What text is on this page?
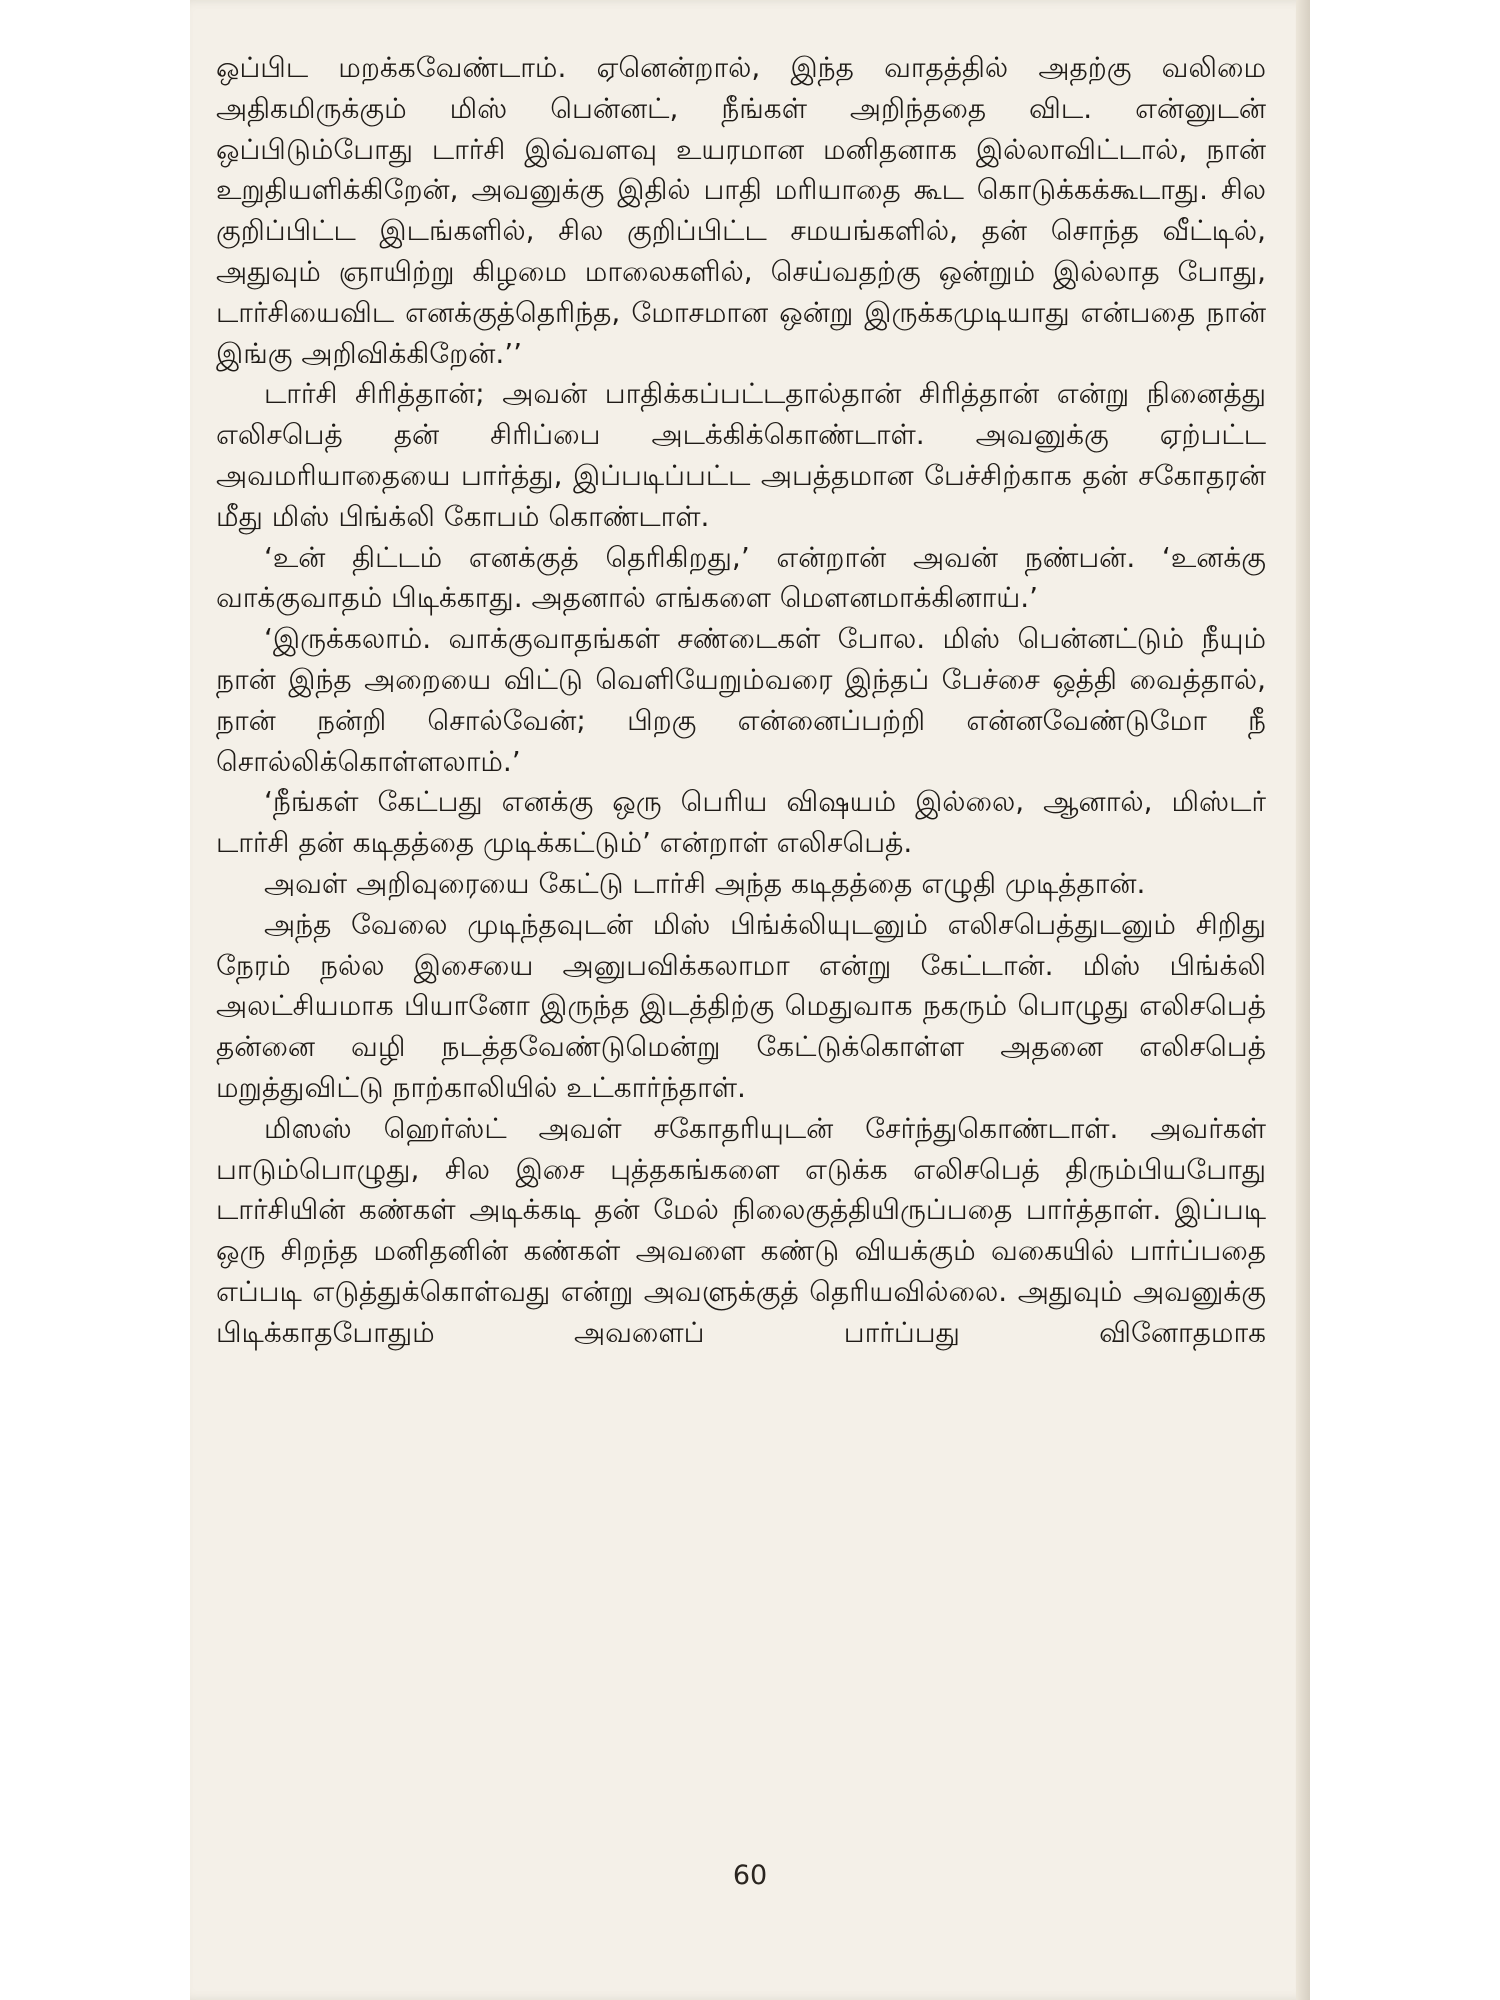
ஒப்பிட மறக்கவேண்டாம். ஏனென்றால், இந்த வாதத்தில் அதற்கு வலிமை அதிகமிருக்கும் மிஸ் பென்னட், நீங்கள் அறிந்ததை விட. என்னுடன் ஒப்பிடும்போது டார்சி இவ்வளவு உயரமான மனிதனாக இல்லாவிட்டால், நான் உறுதியளிக்கிறேன், அவனுக்கு இதில் பாதி மரியாதை கூட கொடுக்கக்கூடாது. சில குறிப்பிட்ட இடங்களில், சில குறிப்பிட்ட சமயங்களில், தன் சொந்த வீட்டில், அதுவும் ஞாயிற்று கிழமை மாலைகளில், செய்வதற்கு ஒன்றும் இல்லாத போது, டார்சியைவிட எனக்குத்தெரிந்த, மோசமான ஒன்று இருக்கமுடியாது என்பதை நான் இங்கு அறிவிக்கிறேன்.’’

டார்சி சிரித்தான்; அவன் பாதிக்கப்பட்டதால்தான் சிரித்தான் என்று நினைத்து எலிசபெத் தன் சிரிப்பை அடக்கிக்கொண்டாள். அவனுக்கு ஏற்பட்ட அவமரியாதையை பார்த்து, இப்படிப்பட்ட அபத்தமான பேச்சிற்காக தன் சகோதரன் மீது மிஸ் பிங்க்லி கோபம் கொண்டாள்.

‘உன் திட்டம் எனக்குத் தெரிகிறது,’ என்றான் அவன் நண்பன். ‘உனக்கு வாக்குவாதம் பிடிக்காது. அதனால் எங்களை மௌனமாக்கினாய்.’

‘இருக்கலாம். வாக்குவாதங்கள் சண்டைகள் போல. மிஸ் பென்னட்டும் நீயும் நான் இந்த அறையை விட்டு வெளியேறும்வரை இந்தப் பேச்சை ஒத்தி வைத்தால், நான் நன்றி சொல்வேன்; பிறகு என்னைப்பற்றி என்னவேண்டுமோ நீ சொல்லிக்கொள்ளலாம்.’

‘நீங்கள் கேட்பது எனக்கு ஒரு பெரிய விஷயம் இல்லை, ஆனால், மிஸ்டர் டார்சி தன் கடிதத்தை முடிக்கட்டும்’ என்றாள் எலிசபெத்.

அவள் அறிவுரையை கேட்டு டார்சி அந்த கடிதத்தை எழுதி முடித்தான்.

அந்த வேலை முடிந்தவுடன் மிஸ் பிங்க்லியுடனும் எலிசபெத்துடனும் சிறிது நேரம் நல்ல இசையை அனுபவிக்கலாமா என்று கேட்டான். மிஸ் பிங்க்லி அலட்சியமாக பியானோ இருந்த இடத்திற்கு மெதுவாக நகரும் பொழுது எலிசபெத் தன்னை வழி நடத்தவேண்டுமென்று கேட்டுக்கொள்ள அதனை எலிசபெத் மறுத்துவிட்டு நாற்காலியில் உட்கார்ந்தாள்.

மிஸஸ் ஹெர்ஸ்ட் அவள் சகோதரியுடன் சேர்ந்துகொண்டாள். அவர்கள் பாடும்பொழுது, சில இசை புத்தகங்களை எடுக்க எலிசபெத் திரும்பியபோது டார்சியின் கண்கள் அடிக்கடி தன் மேல் நிலைகுத்தியிருப்பதை பார்த்தாள். இப்படி ஒரு சிறந்த மனிதனின் கண்கள் அவளை கண்டு வியக்கும் வகையில் பார்ப்பதை எப்படி எடுத்துக்கொள்வது என்று அவளுக்குத் தெரியவில்லை. அதுவும் அவனுக்கு பிடிக்காதபோதும் அவளைப் பார்ப்பது வினோதமாக

60
